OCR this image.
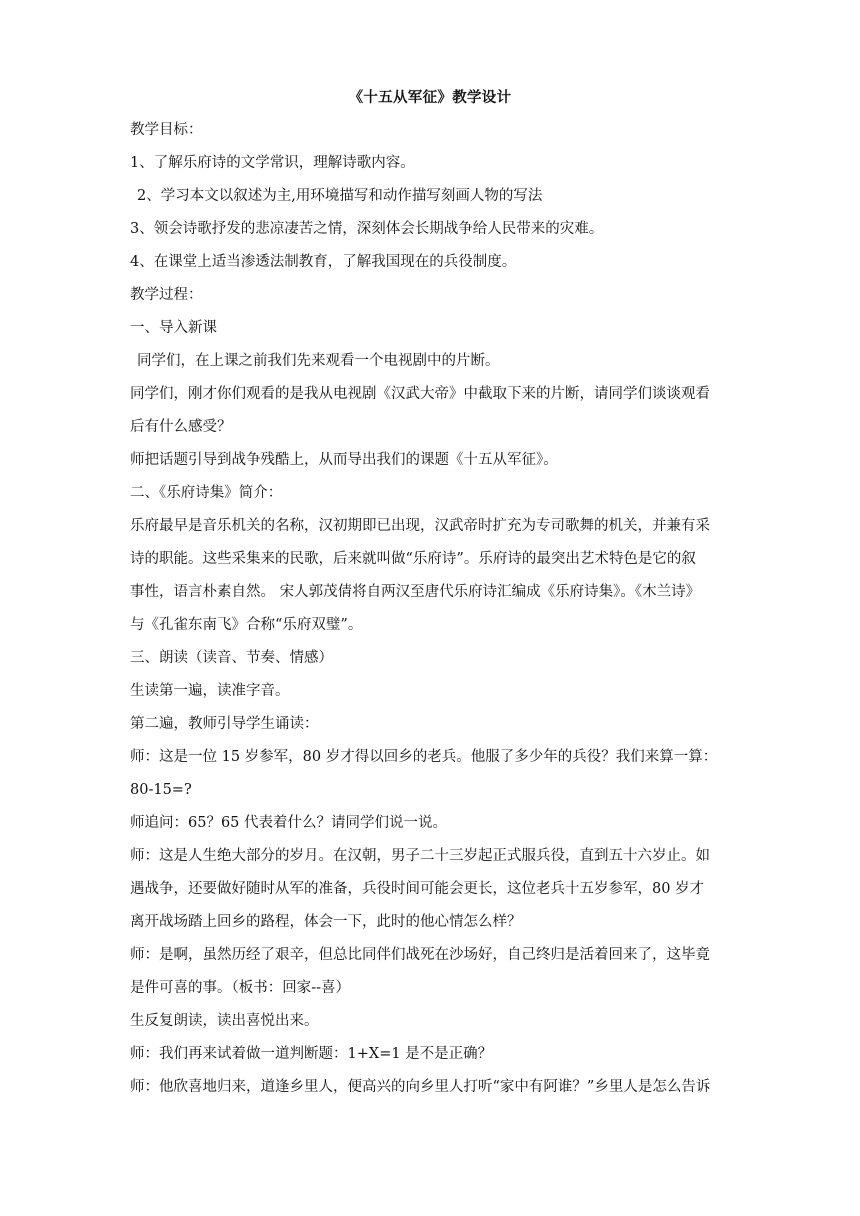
《十五从军征》教学设计
教学目标：
1、了解乐府诗的文学常识，理解诗歌内容。
2、学习本文以叙述为主,用环境描写和动作描写刻画人物的写法
3、领会诗歌抒发的悲凉凄苦之情，深刻体会长期战争给人民带来的灾难。
4、在课堂上适当渗透法制教育，了解我国现在的兵役制度。
教学过程：
一、导入新课
同学们，在上课之前我们先来观看一个电视剧中的片断。
同学们，刚才你们观看的是我从电视剧《汉武大帝》中截取下来的片断，请同学们谈谈观看
后有什么感受？
师把话题引导到战争残酷上，从而导出我们的课题《十五从军征》。
二、《乐府诗集》简介：
乐府最早是音乐机关的名称，汉初期即已出现，汉武帝时扩充为专司歌舞的机关，并兼有采
诗的职能。这些采集来的民歌，后来就叫做“乐府诗”。乐府诗的最突出艺术特色是它的叙
事性，语言朴素自然。 宋人郭茂倩将自两汉至唐代乐府诗汇编成《乐府诗集》。《木兰诗》
与《孔雀东南飞》合称“乐府双璧”。
三、朗读（读音、节奏、情感）
生读第一遍，读准字音。
第二遍，教师引导学生诵读：
师：这是一位 15 岁参军，80 岁才得以回乡的老兵。他服了多少年的兵役？我们来算一算：
80-15=?
师追问：65？65 代表着什么？请同学们说一说。
师：这是人生绝大部分的岁月。在汉朝，男子二十三岁起正式服兵役，直到五十六岁止。如
遇战争，还要做好随时从军的准备，兵役时间可能会更长，这位老兵十五岁参军，80 岁才
离开战场踏上回乡的路程，体会一下，此时的他心情怎么样？
师：是啊，虽然历经了艰辛，但总比同伴们战死在沙场好，自己终归是活着回来了，这毕竟
是件可喜的事。（板书：回家--喜）
生反复朗读，读出喜悦出来。
师：我们再来试着做一道判断题：1+X=1 是不是正确？
师：他欣喜地归来，道逢乡里人，便高兴的向乡里人打听“家中有阿谁？”乡里人是怎么告诉
